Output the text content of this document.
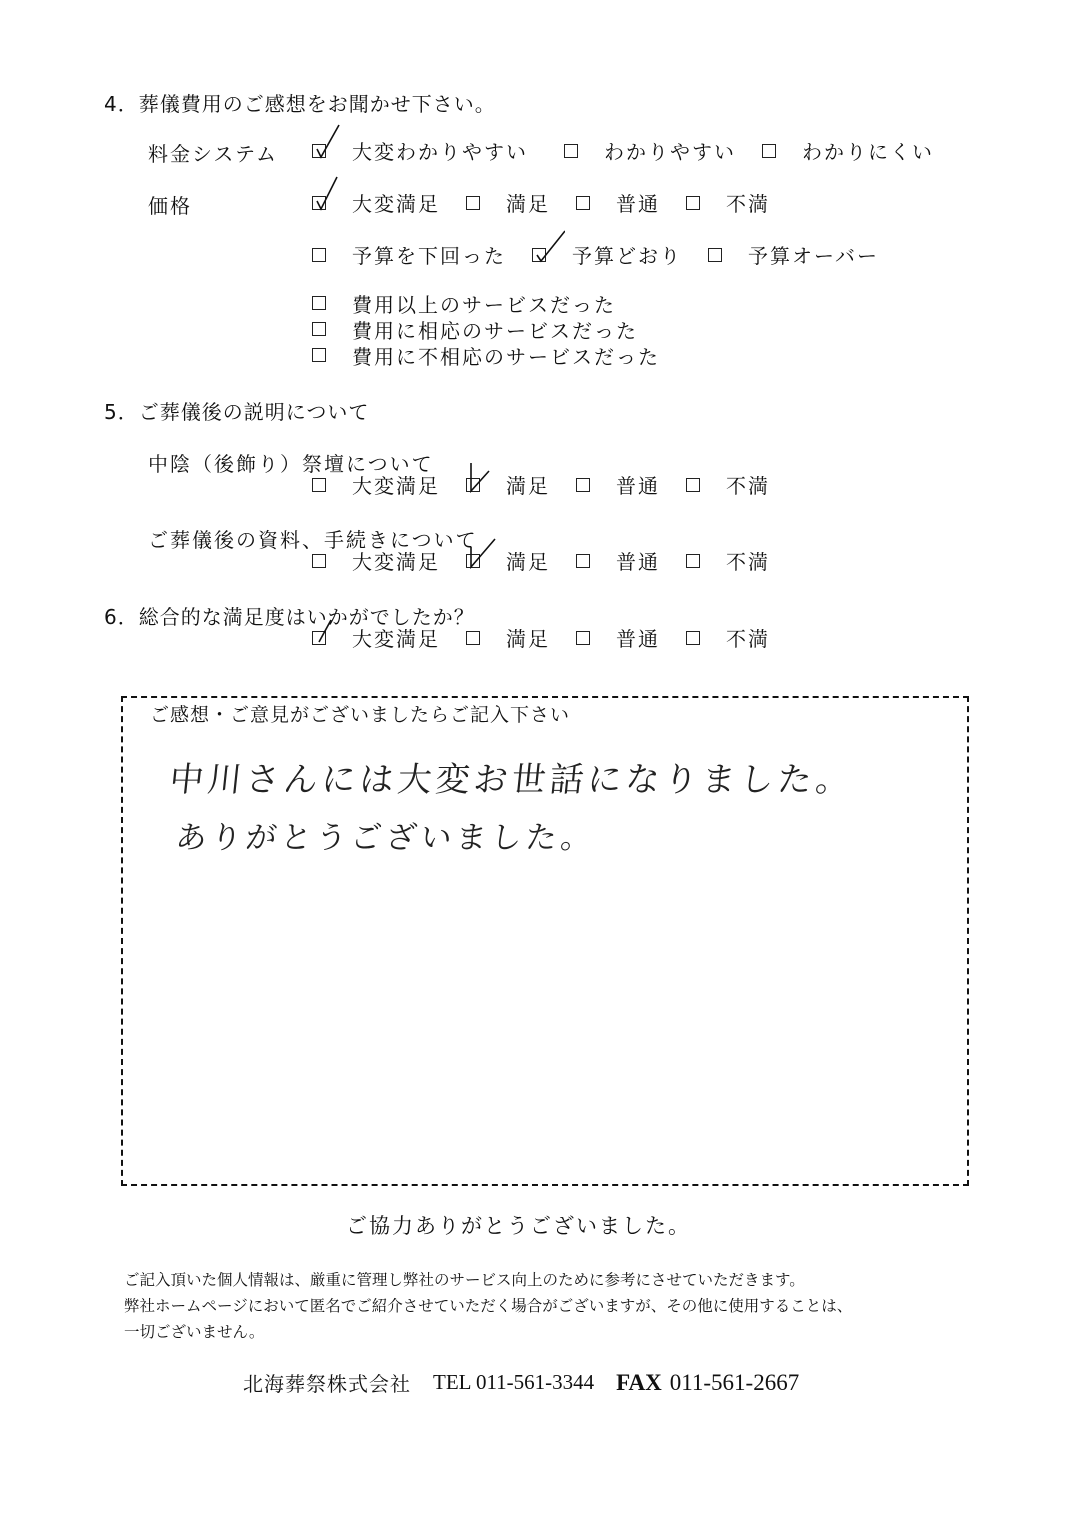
4．葬儀費用のご感想をお聞かせ下さい。
料金システム	大変わかりやすい	わかりやすい	わかりにくい
価格	大変満足	満足	普通	不満
予算を下回った	予算どおり	予算オーバー
費用以上のサービスだった

費用に相応のサービスだった

費用に不相応のサービスだった
5．ご葬儀後の説明について
中陰（後飾り）祭壇について
大変満足	満足	普通	不満
ご葬儀後の資料、手続きについて
大変満足	満足	普通	不満
6．総合的な満足度はいかがでしたか？
大変満足	満足	普通	不満
ご感想・ご意見がございましたらご記入下さい
中川さんには大変お世話になりました。
ありがとうございました。
ご協力ありがとうございました。
ご記入頂いた個人情報は、厳重に管理し弊社のサービス向上のために参考にさせていただきます。
弊社ホームページにおいて匿名でご紹介させていただく場合がございますが、その他に使用することは、
一切ございません。
北海葬祭株式会社 TEL 011-561-3344 FAX 011-561-2667
